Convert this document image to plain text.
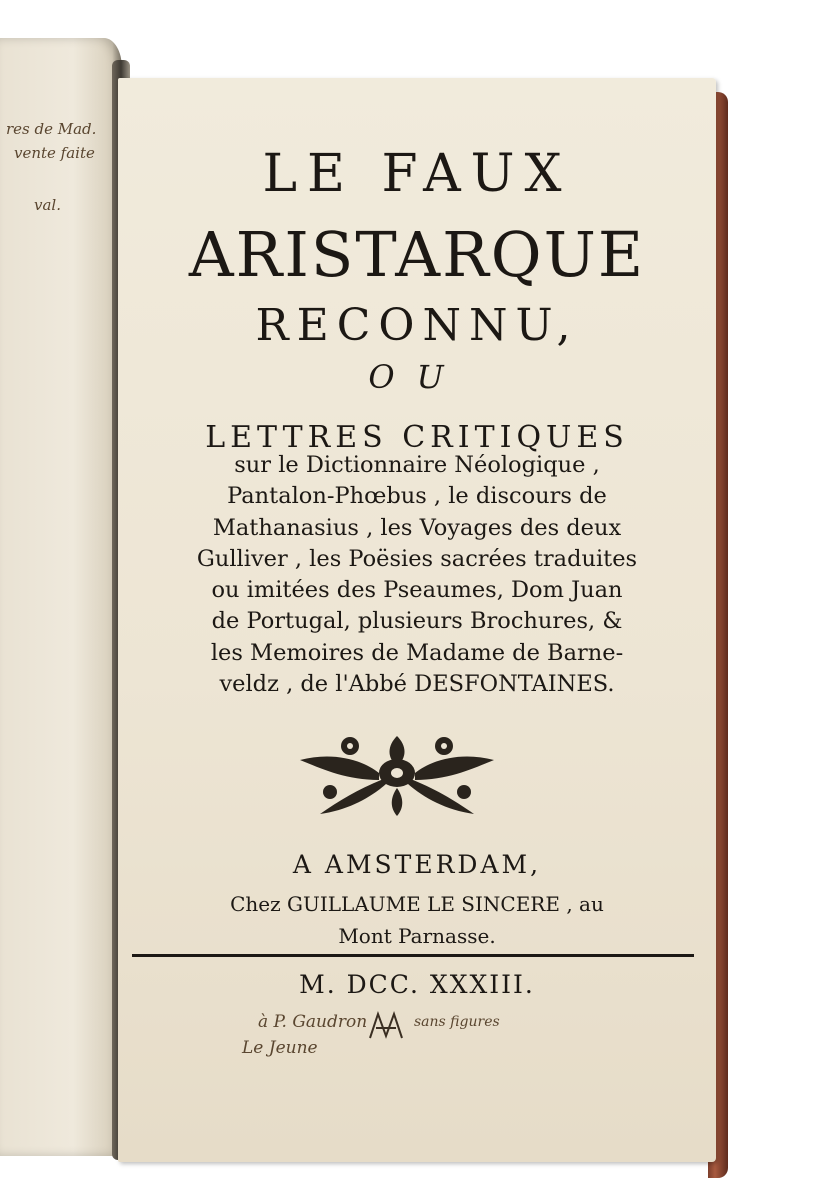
res de Mad.
vente faite
val.
LE FAUX
ARISTARQUE
RECONNU,
OU
LETTRES CRITIQUES
sur le Dictionnaire Néologique ,
Pantalon-Phœbus , le discours de
Mathanasius , les Voyages des deux
Gulliver , les Poësies sacrées traduites
ou imitées des Pseaumes, Dom Juan
de Portugal, plusieurs Brochures, &
les Memoires de Madame de Barne-
veldz , de l'Abbé DESFONTAINES.
A AMSTERDAM,
Chez GUILLAUME LE SINCERE , au
Mont Parnasse.
M. DCC. XXXIII.
à P. Gaudron
Le Jeune
sans figures
